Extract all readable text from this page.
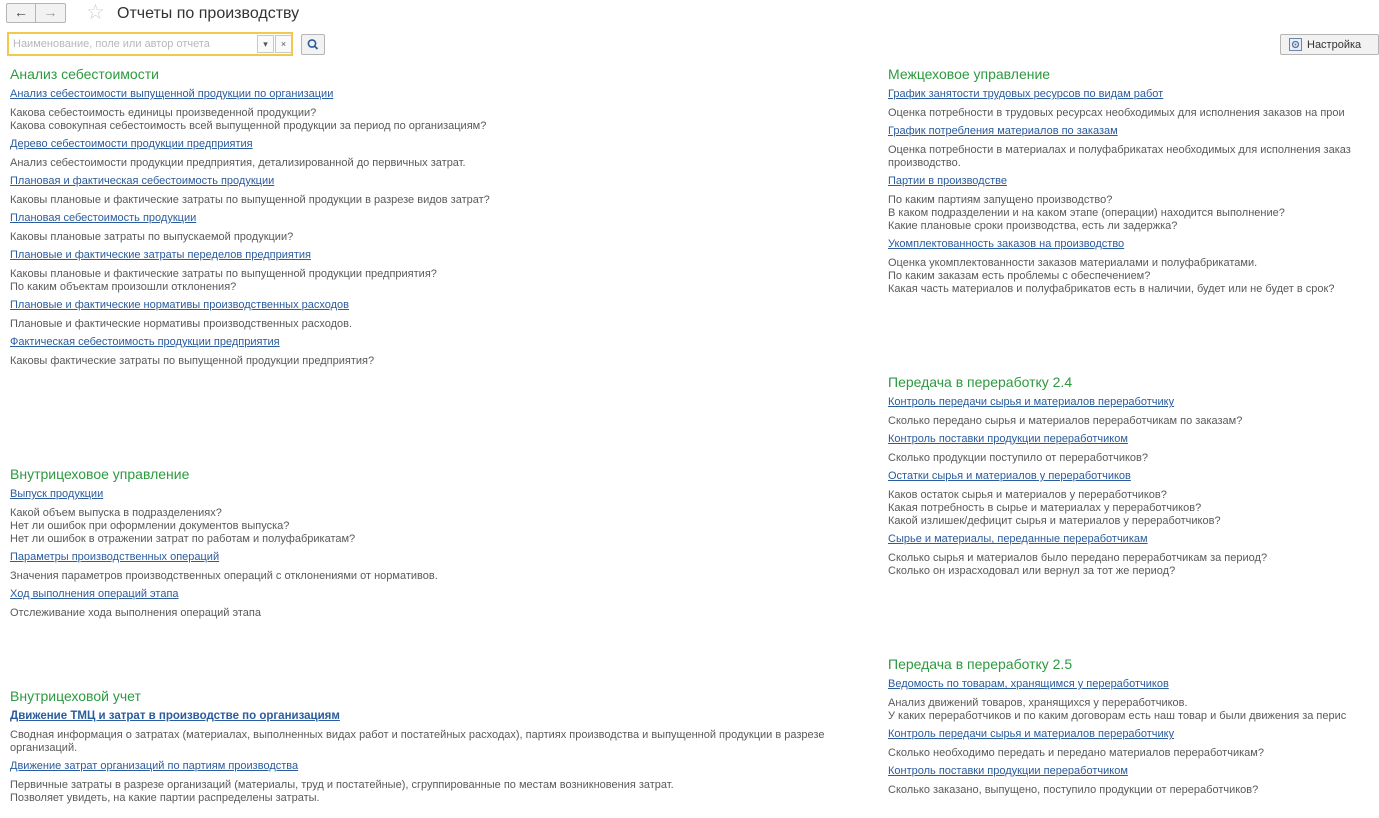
←	→	☆ Отчеты по производству
Наименование, поле или автор отчета
▾	×	Настройка
Анализ себестоимости
Анализ себестоимости выпущенной продукции по организации

Какова себестоимость единицы произведенной продукции?
Какова совокупная себестоимость всей выпущенной продукции за период по организациям?
Дерево себестоимости продукции предприятия

Анализ себестоимости продукции предприятия, детализированной до первичных затрат.
Плановая и фактическая себестоимость продукции

Каковы плановые и фактические затраты по выпущенной продукции в разрезе видов затрат?
Плановая себестоимость продукции

Каковы плановые затраты по выпускаемой продукции?
Плановые и фактические затраты переделов предприятия

Каковы плановые и фактические затраты по выпущенной продукции предприятия?
По каким объектам произошли отклонения?
Плановые и фактические нормативы производственных расходов

Плановые и фактические нормативы производственных расходов.
Фактическая себестоимость продукции предприятия

Каковы фактические затраты по выпущенной продукции предприятия?
Внутрицеховое управление
Выпуск продукции

Какой объем выпуска в подразделениях?
Нет ли ошибок при оформлении документов выпуска?
Нет ли ошибок в отражении затрат по работам и полуфабрикатам?
Параметры производственных операций

Значения параметров производственных операций с отклонениями от нормативов.
Ход выполнения операций этапа

Отслеживание хода выполнения операций этапа
Внутрицеховой учет
Движение ТМЦ и затрат в производстве по организациям

Сводная информация о затратах (материалах, выполненных видах работ и постатейных расходах), партиях производства и выпущенной продукции в разрезе организаций.
Движение затрат организаций по партиям производства

Первичные затраты в разрезе организаций (материалы, труд и постатейные), сгруппированные по местам возникновения затрат.
Позволяет увидеть, на какие партии распределены затраты.
Межцеховое управление
График занятости трудовых ресурсов по видам работ

Оценка потребности в трудовых ресурсах необходимых для исполнения заказов на прои
График потребления материалов по заказам

Оценка потребности в материалах и полуфабрикатах необходимых для исполнения заказ
производство.
Партии в производстве

По каким партиям запущено производство?
В каком подразделении и на каком этапе (операции) находится выполнение?
Какие плановые сроки производства, есть ли задержка?
Укомплектованность заказов на производство

Оценка укомплектованности заказов материалами и полуфабрикатами.
По каким заказам есть проблемы с обеспечением?
Какая часть материалов и полуфабрикатов есть в наличии, будет или не будет в срок?
Передача в переработку 2.4
Контроль передачи сырья и материалов переработчику

Сколько передано сырья и материалов переработчикам по заказам?
Контроль поставки продукции переработчиком

Сколько продукции поступило от переработчиков?
Остатки сырья и материалов у переработчиков

Каков остаток сырья и материалов у переработчиков?
Какая потребность в сырье и материалах у переработчиков?
Какой излишек/дефицит сырья и материалов у переработчиков?
Сырье и материалы, переданные переработчикам

Сколько сырья и материалов было передано переработчикам за период?
Сколько он израсходовал или вернул за тот же период?
Передача в переработку 2.5
Ведомость по товарам, хранящимся у переработчиков

Анализ движений товаров, хранящихся у переработчиков.
У каких переработчиков и по каким договорам есть наш товар и были движения за перис
Контроль передачи сырья и материалов переработчику

Сколько необходимо передать и передано материалов переработчикам?
Контроль поставки продукции переработчиком

Сколько заказано, выпущено, поступило продукции от переработчиков?
